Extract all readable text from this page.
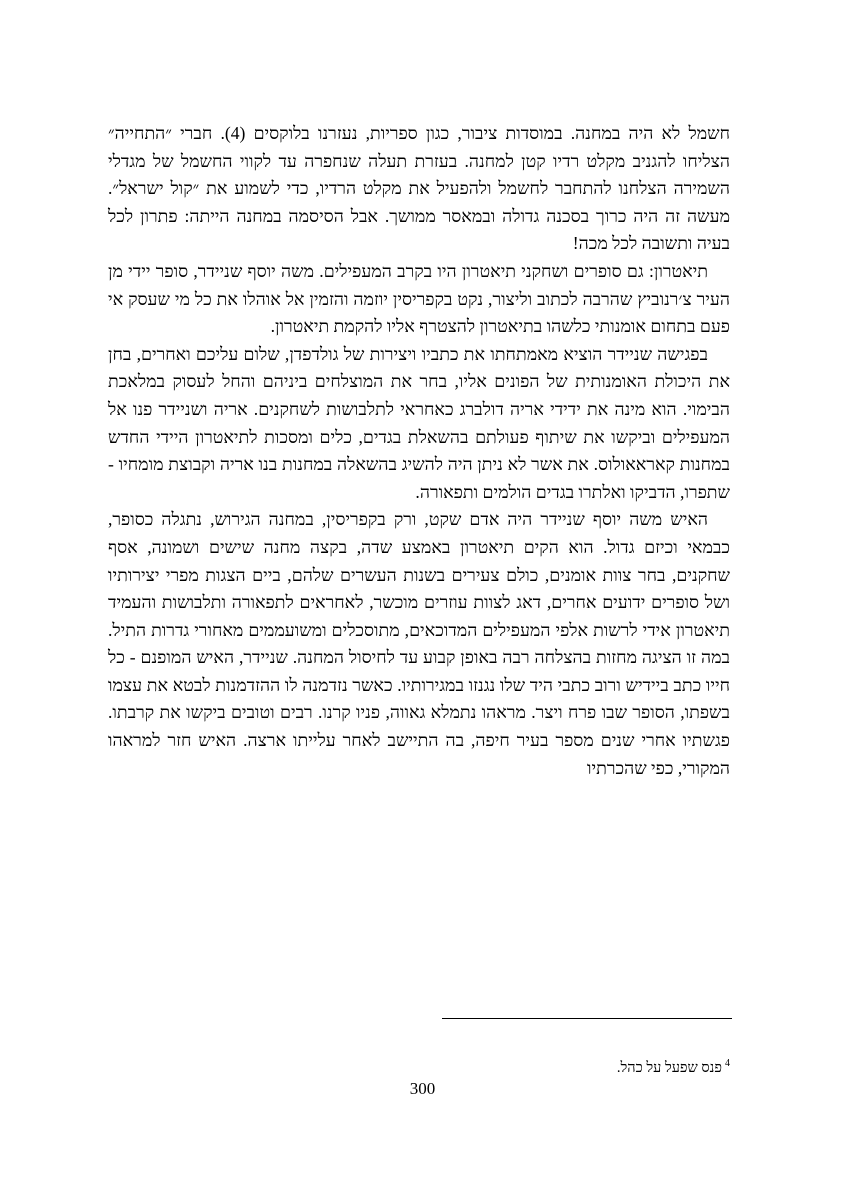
חשמל לא היה במחנה. במוסדות ציבור, כגון ספריות, נעזרנו בלוקסים (4). חברי ״התחייה״ הצליחו להגניב מקלט רדיו קטן למחנה. בעזרת תעלה שנחפרה עד לקווי החשמל של מגדלי השמירה הצלחנו להתחבר לחשמל ולהפעיל את מקלט הרדיו, כדי לשמוע את ״קול ישראל״. מעשה זה היה כרוך בסכנה גדולה ובמאסר ממושך. אבל הסיסמה במחנה הייתה: פתרון לכל בעיה ותשובה לכל מכה!

תיאטרון: גם סופרים ושחקני תיאטרון היו בקרב המעפילים. משה יוסף שניידר, סופר יידי מן העיר צ׳רנוביץ שהרבה לכתוב וליצור, נקט בקפריסין יוזמה והזמין אל אוהלו את כל מי שעסק אי פעם בתחום אומנותי כלשהו בתיאטרון להצטרף אליו להקמת תיאטרון.

בפגישה שניידר הוציא מאמתחתו את כתביו ויצירות של גולדפדן, שלום עליכם ואחרים, בחן את היכולת האומנותית של הפונים אליו, בחר את המוצלחים ביניהם והחל לעסוק במלאכת הבימוי. הוא מינה את ידידי אריה דולברג כאחראי לתלבושות לשחקנים. אריה ושניידר פנו אל המעפילים וביקשו את שיתוף פעולתם בהשאלת בגדים, כלים ומסכות לתיאטרון היידי החדש במחנות קאראאולוס. את אשר לא ניתן היה להשיג בהשאלה במחנות בנו אריה וקבוצת מומחיו - שתפרו, הדביקו ואלתרו בגדים הולמים ותפאורה.

האיש משה יוסף שניידר היה אדם שקט, ורק בקפריסין, במחנה הגירוש, נתגלה כסופר, כבמאי וכיזם גדול. הוא הקים תיאטרון באמצע שדה, בקצה מחנה שישים ושמונה, אסף שחקנים, בחר צוות אומנים, כולם צעירים בשנות העשרים שלהם, ביים הצגות מפרי יצירותיו ושל סופרים ידועים אחרים, דאג לצוות עוזרים מוכשר, לאחראים לתפאורה ותלבושות והעמיד תיאטרון אידי לרשות אלפי המעפילים המדוכאים, מתוסכלים ומשועממים מאחורי גדרות התיל. במה זו הציגה מחזות בהצלחה רבה באופן קבוע עד לחיסול המחנה. שניידר, האיש המופנם - כל חייו כתב ביידיש ורוב כתבי היד שלו נגנזו במגירותיו. כאשר נזדמנה לו ההזדמנות לבטא את עצמו בשפתו, הסופר שבו פרח ויצר. מראהו נתמלא גאווה, פניו קרנו. רבים וטובים ביקשו את קרבתו. פגשתיו אחרי שנים מספר בעיר חיפה, בה התיישב לאחר עלייתו ארצה. האיש חזר למראהו המקורי, כפי שהכרתיו

$^4$פנס שפעל על כהל.
300
